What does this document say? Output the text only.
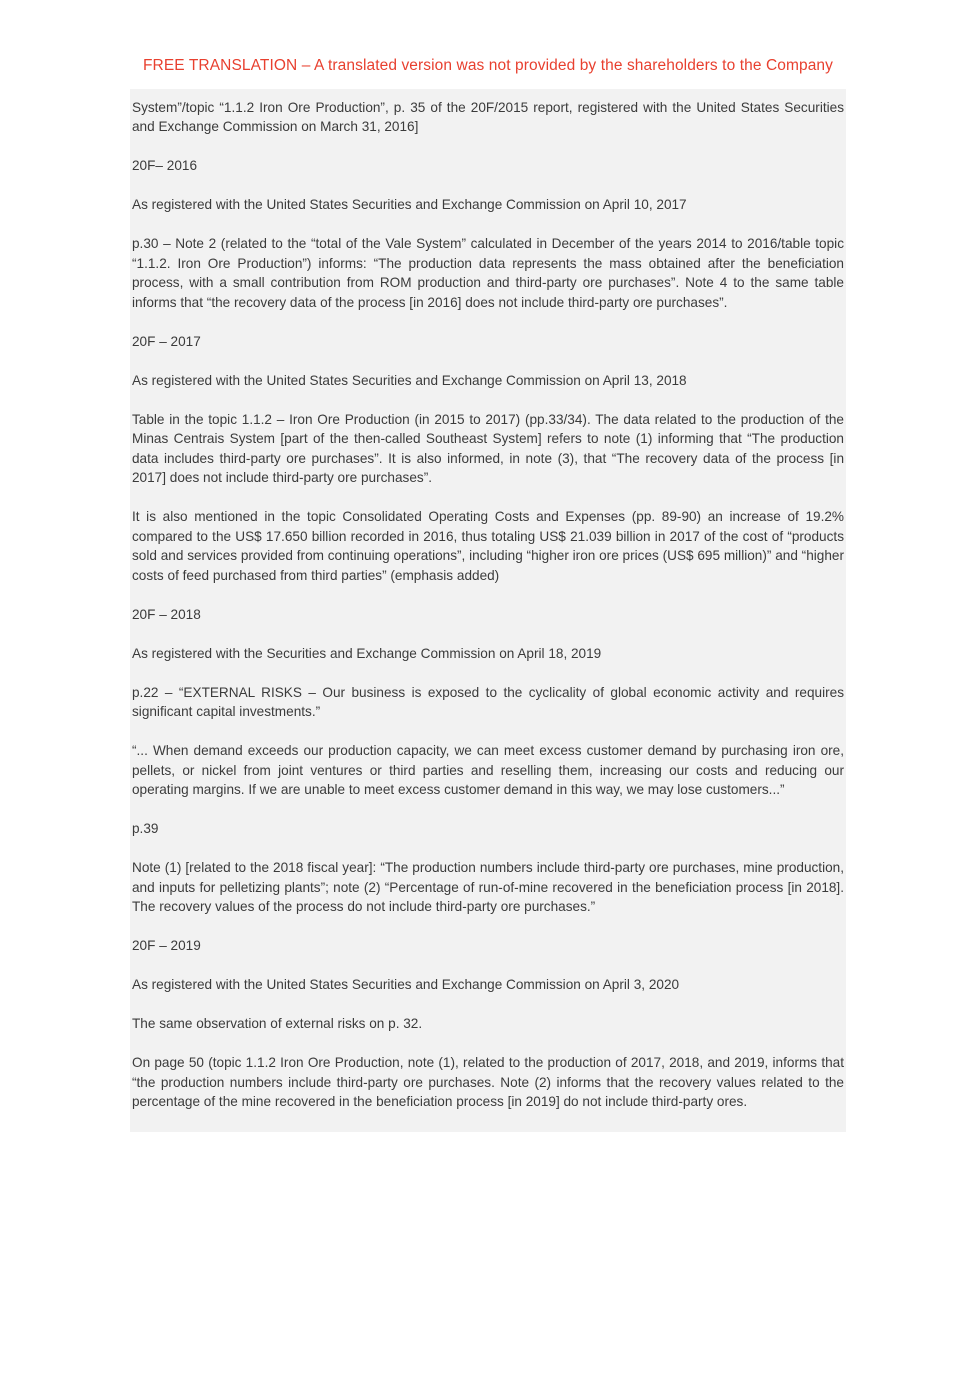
FREE TRANSLATION – A translated version was not provided by the shareholders to the Company

System”/topic “1.1.2 Iron Ore Production”, p. 35 of the 20F/2015 report, registered with the United States Securities and Exchange Commission on March 31, 2016]

20F– 2016

As registered with the United States Securities and Exchange Commission on April 10, 2017

p.30 – Note 2 (related to the “total of the Vale System” calculated in December of the years 2014 to 2016/table topic “1.1.2. Iron Ore Production”) informs: “The production data represents the mass obtained after the beneficiation process, with a small contribution from ROM production and third-party ore purchases”. Note 4 to the same table informs that “the recovery data of the process [in 2016] does not include third-party ore purchases”.

20F – 2017

As registered with the United States Securities and Exchange Commission on April 13, 2018

Table in the topic 1.1.2 – Iron Ore Production (in 2015 to 2017) (pp.33/34). The data related to the production of the Minas Centrais System [part of the then-called Southeast System] refers to note (1) informing that “The production data includes third-party ore purchases”. It is also informed, in note (3), that “The recovery data of the process [in 2017] does not include third-party ore purchases”.

It is also mentioned in the topic Consolidated Operating Costs and Expenses (pp. 89-90) an increase of 19.2% compared to the US$ 17.650 billion recorded in 2016, thus totaling US$ 21.039 billion in 2017 of the cost of “products sold and services provided from continuing operations”, including “higher iron ore prices (US$ 695 million)” and “higher costs of feed purchased from third parties” (emphasis added)

20F – 2018

As registered with the Securities and Exchange Commission on April 18, 2019

p.22 – “EXTERNAL RISKS – Our business is exposed to the cyclicality of global economic activity and requires significant capital investments.”

“... When demand exceeds our production capacity, we can meet excess customer demand by purchasing iron ore, pellets, or nickel from joint ventures or third parties and reselling them, increasing our costs and reducing our operating margins. If we are unable to meet excess customer demand in this way, we may lose customers...”

p.39

Note (1) [related to the 2018 fiscal year]: “The production numbers include third-party ore purchases, mine production, and inputs for pelletizing plants”; note (2) “Percentage of run-of-mine recovered in the beneficiation process [in 2018]. The recovery values of the process do not include third-party ore purchases.”

20F – 2019

As registered with the United States Securities and Exchange Commission on April 3, 2020

The same observation of external risks on p. 32.

On page 50 (topic 1.1.2 Iron Ore Production, note (1), related to the production of 2017, 2018, and 2019, informs that “the production numbers include third-party ore purchases. Note (2) informs that the recovery values related to the percentage of the mine recovered in the beneficiation process [in 2019] do not include third-party ores.
